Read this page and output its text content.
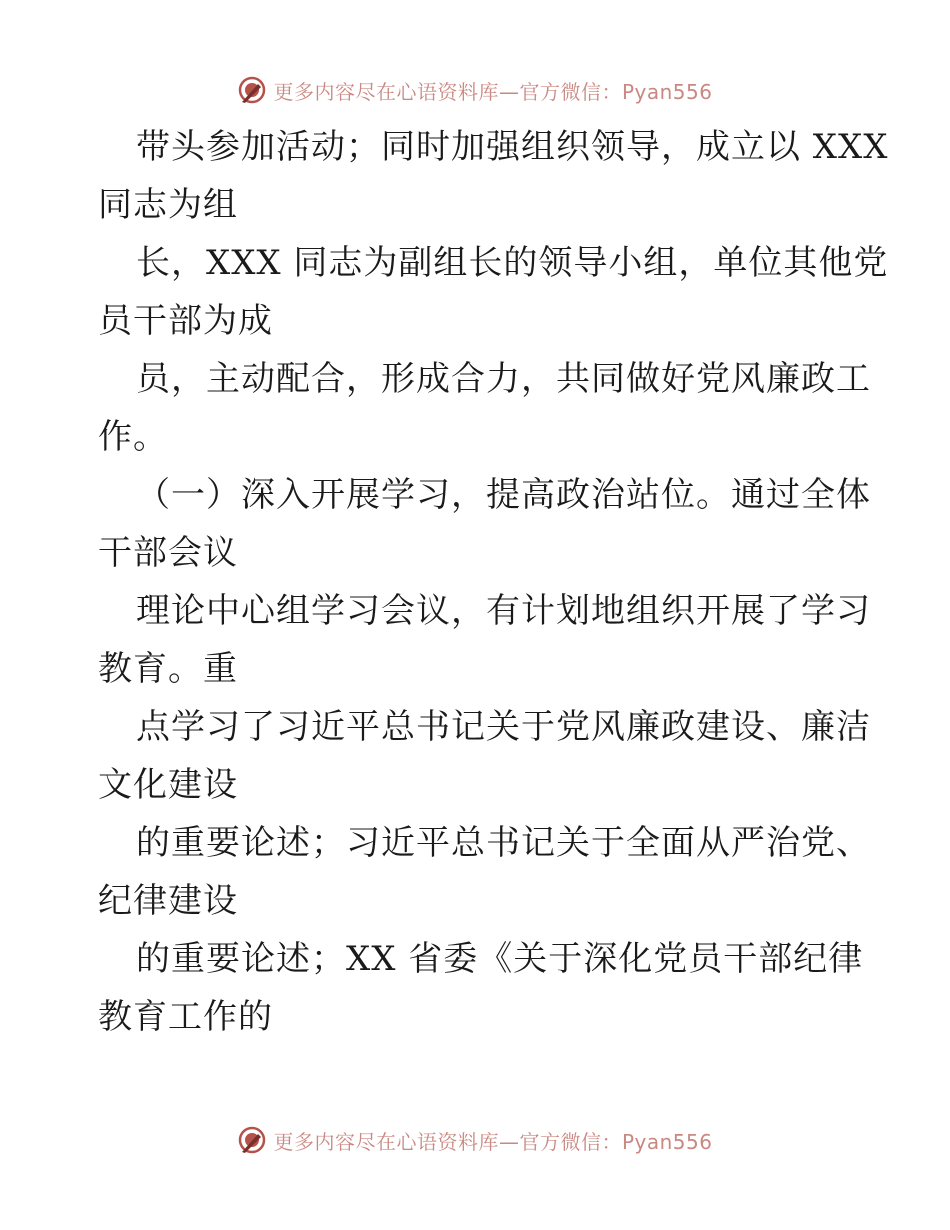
更多内容尽在心语资料库—官方微信：Pyan556
带头参加活动；同时加强组织领导，成立以 XXX
同志为组
长，XXX 同志为副组长的领导小组，单位其他党
员干部为成
员，主动配合，形成合力，共同做好党风廉政工
作。
（一）深入开展学习，提高政治站位。通过全体
干部会议
理论中心组学习会议，有计划地组织开展了学习
教育。重
点学习了习近平总书记关于党风廉政建设、廉洁
文化建设
的重要论述；习近平总书记关于全面从严治党、
纪律建设
的重要论述；XX 省委《关于深化党员干部纪律
教育工作的
更多内容尽在心语资料库—官方微信：Pyan556
